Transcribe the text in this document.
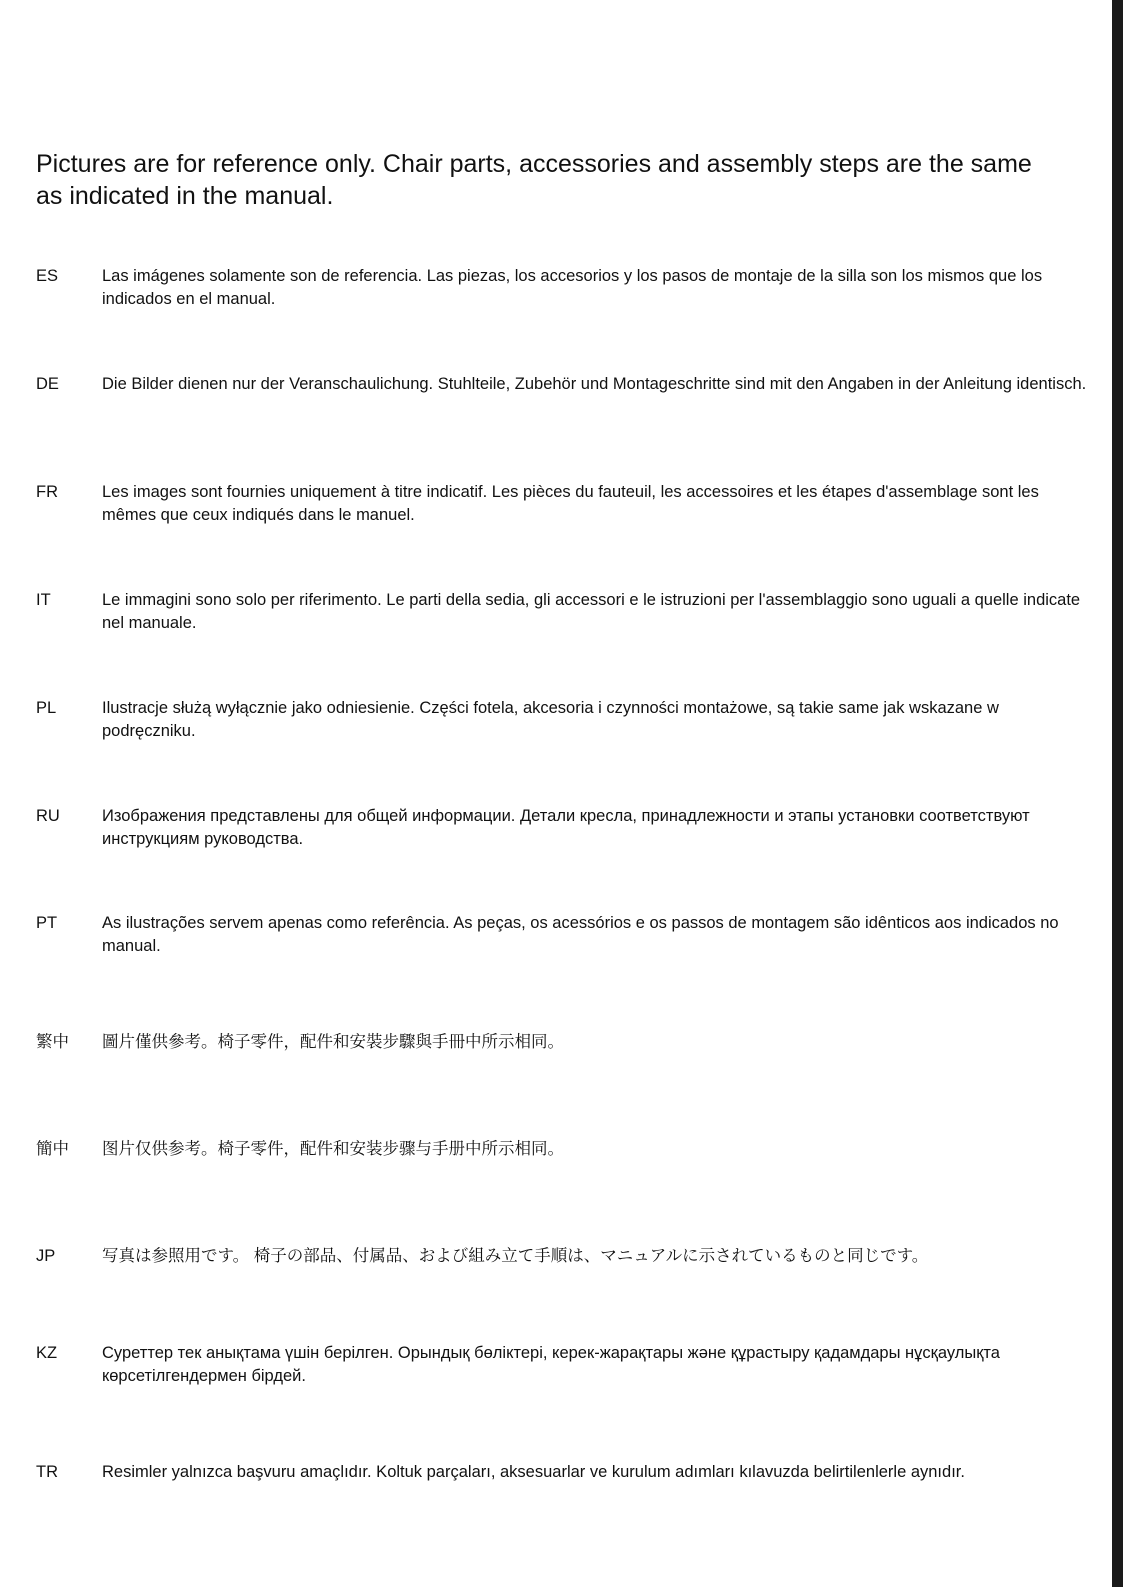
Pictures are for reference only. Chair parts, accessories and assembly steps are the same as indicated in the manual.

ES	Las imágenes solamente son de referencia. Las piezas, los accesorios y los pasos de montaje de la silla son los mismos que los indicados en el manual.
DE	Die Bilder dienen nur der Veranschaulichung. Stuhlteile, Zubehör und Montageschritte sind mit den Angaben in der Anleitung identisch.
FR	Les images sont fournies uniquement à titre indicatif. Les pièces du fauteuil, les accessoires et les étapes d'assemblage sont les mêmes que ceux indiqués dans le manuel.
IT	Le immagini sono solo per riferimento. Le parti della sedia, gli accessori e le istruzioni per l'assemblaggio sono uguali a quelle indicate nel manuale.
PL	Ilustracje służą wyłącznie jako odniesienie. Części fotela, akcesoria i czynności montażowe, są takie same jak wskazane w podręczniku.
RU	Изображения представлены для общей информации. Детали кресла, принадлежности и этапы установки соответствуют инструкциям руководства.
PT	As ilustrações servem apenas como referência. As peças, os acessórios e os passos de montagem são idênticos aos indicados no manual.
繁中	圖片僅供參考。椅子零件，配件和安裝步驟與手冊中所示相同。
簡中	图片仅供参考。椅子零件，配件和安装步骤与手册中所示相同。
JP	写真は参照用です。 椅子の部品、付属品、および組み立て手順は、マニュアルに示されているものと同じです。
KZ	Суреттер тек анықтама үшін берілген. Орындық бөліктері, керек-жарақтары және құрастыру қадамдары нұсқаулықта көрсетілгендермен бірдей.
TR	Resimler yalnızca başvuru amaçlıdır. Koltuk parçaları, aksesuarlar ve kurulum adımları kılavuzda belirtilenlerle aynıdır.
